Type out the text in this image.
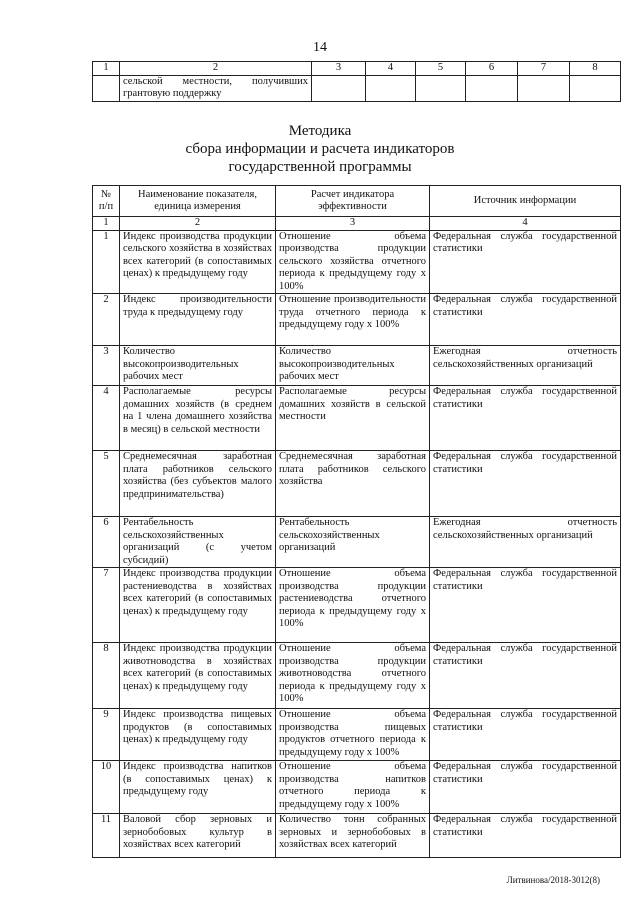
14
1	2	3	4	5	6	7	8
	сельской местности, получивших грантовую поддержку						
Методика
сбора информации и расчета индикаторов
государственной программы
№ п/п	Наименование показателя, единица измерения	Расчет индикатора эффективности	Источник информации
1	2	3	4
1	Индекс производства продукции сельского хозяйства в хозяйствах всех категорий (в сопоставимых ценах) к предыдущему году	Отношение объема производства продукции сельского хозяйства отчетного периода к предыдущему году x 100%	Федеральная служба государственной статистики
2	Индекс производительности труда к предыдущему году	Отношение производительности труда отчетного периода к предыдущему году x 100%	Федеральная служба государственной статистики
3	Количество высокопроизводительных рабочих мест	Количество высокопроизводительных рабочих мест	Ежегодная отчетность сельскохозяйственных организаций
4	Располагаемые ресурсы домашних хозяйств (в среднем на 1 члена домашнего хозяйства в месяц) в сельской местности	Располагаемые ресурсы домашних хозяйств в сельской местности	Федеральная служба государственной статистики
5	Среднемесячная заработная плата работников сельского хозяйства (без субъектов малого предпринимательства)	Среднемесячная заработная плата работников сельского хозяйства	Федеральная служба государственной статистики
6	Рентабельность сельскохозяйственных организаций (с учетом субсидий)	Рентабельность сельскохозяйственных организаций	Ежегодная отчетность сельскохозяйственных организаций
7	Индекс производства продукции растениеводства в хозяйствах всех категорий (в сопоставимых ценах) к предыдущему году	Отношение объема производства продукции растениеводства отчетного периода к предыдущему году x 100%	Федеральная служба государственной статистики
8	Индекс производства продукции животноводства в хозяйствах всех категорий (в сопоставимых ценах) к предыдущему году	Отношение объема производства продукции животноводства отчетного периода к предыдущему году x 100%	Федеральная служба государственной статистики
9	Индекс производства пищевых продуктов (в сопоставимых ценах) к предыдущему году	Отношение объема производства пищевых продуктов отчетного периода к предыдущему году x 100%	Федеральная служба государственной статистики
10	Индекс производства напитков (в сопоставимых ценах) к предыдущему году	Отношение объема производства напитков отчетного периода к предыдущему году x 100%	Федеральная служба государственной статистики
11	Валовой сбор зерновых и зернобобовых культур в хозяйствах всех категорий	Количество тонн собранных зерновых и зернобобовых в хозяйствах всех категорий	Федеральная служба государственной статистики
Литвинова/2018-3012(8)
